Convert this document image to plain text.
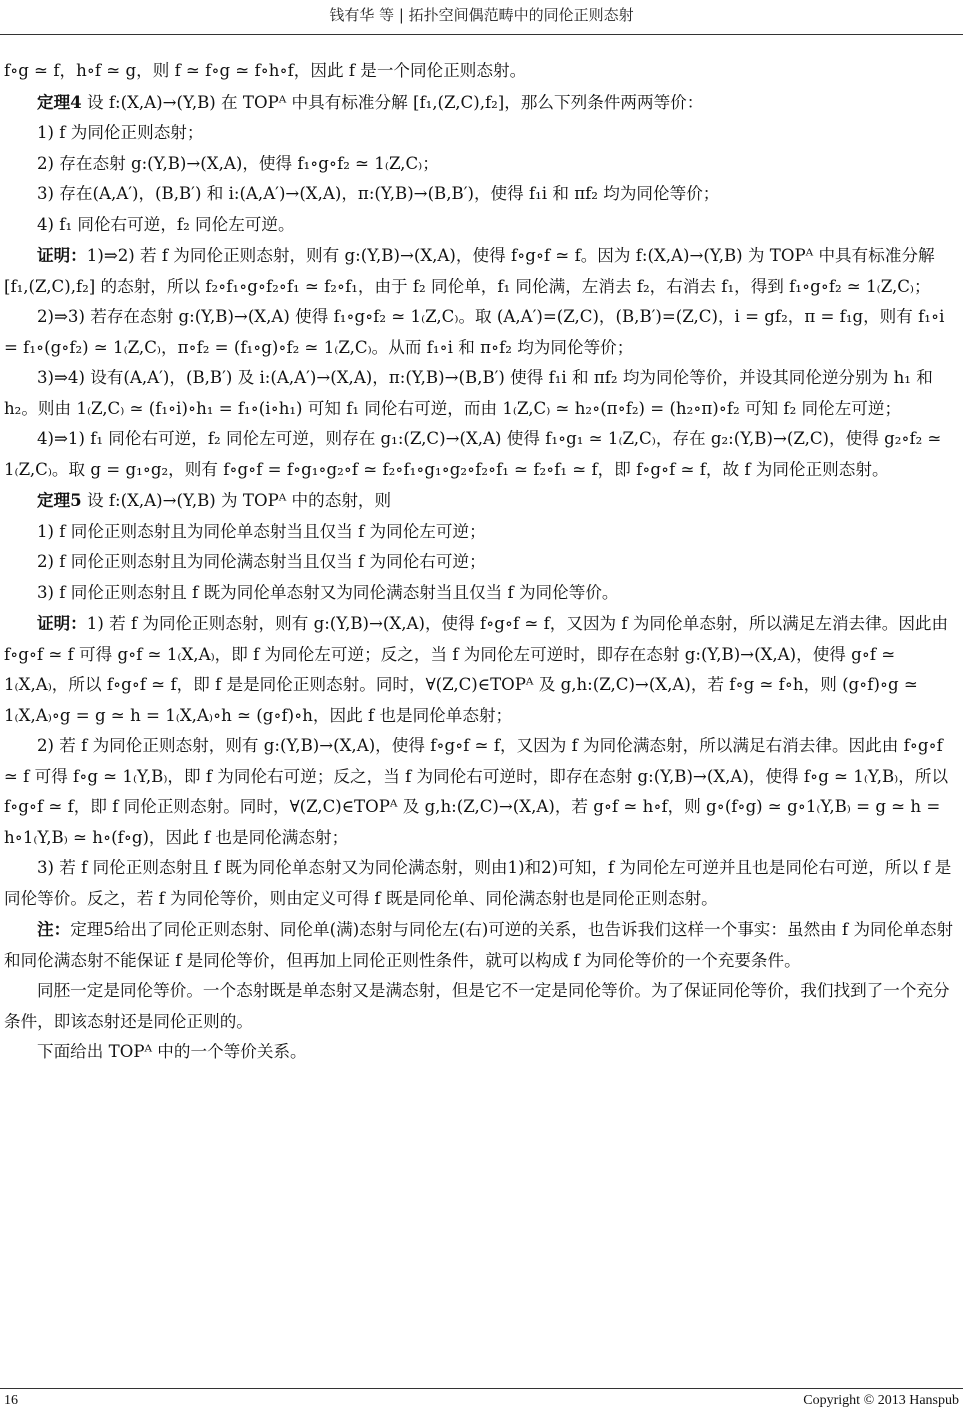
钱有华 等 | 拓扑空间偶范畴中的同伦正则态射

f∘g ≃ f，h∘f ≃ g，则 f ≃ f∘g ≃ f∘h∘f，因此 f 是一个同伦正则态射。

定理4 设 f:(X,A)→(Y,B) 在 TOPᴬ 中具有标准分解 [f₁,(Z,C),f₂]，那么下列条件两两等价：

1) f 为同伦正则态射；

2) 存在态射 g:(Y,B)→(X,A)，使得 f₁∘g∘f₂ ≃ 1₍Z,C₎；

3) 存在(A,A′)，(B,B′) 和 i:(A,A′)→(X,A)，π:(Y,B)→(B,B′)，使得 f₁i 和 πf₂ 均为同伦等价；

4) f₁ 同伦右可逆，f₂ 同伦左可逆。

证明：1)⇒2) 若 f 为同伦正则态射，则有 g:(Y,B)→(X,A)，使得 f∘g∘f ≃ f。因为 f:(X,A)→(Y,B) 为 TOPᴬ 中具有标准分解 [f₁,(Z,C),f₂] 的态射，所以 f₂∘f₁∘g∘f₂∘f₁ ≃ f₂∘f₁，由于 f₂ 同伦单，f₁ 同伦满，左消去 f₂，右消去 f₁，得到 f₁∘g∘f₂ ≃ 1₍Z,C₎；

2)⇒3) 若存在态射 g:(Y,B)→(X,A) 使得 f₁∘g∘f₂ ≃ 1₍Z,C₎。取 (A,A′)=(Z,C)，(B,B′)=(Z,C)，i = gf₂，π = f₁g，则有 f₁∘i = f₁∘(g∘f₂) ≃ 1₍Z,C₎，π∘f₂ = (f₁∘g)∘f₂ ≃ 1₍Z,C₎。从而 f₁∘i 和 π∘f₂ 均为同伦等价；

3)⇒4) 设有(A,A′)，(B,B′) 及 i:(A,A′)→(X,A)，π:(Y,B)→(B,B′) 使得 f₁i 和 πf₂ 均为同伦等价，并设其同伦逆分别为 h₁ 和 h₂。则由 1₍Z,C₎ ≃ (f₁∘i)∘h₁ = f₁∘(i∘h₁) 可知 f₁ 同伦右可逆，而由 1₍Z,C₎ ≃ h₂∘(π∘f₂) = (h₂∘π)∘f₂ 可知 f₂ 同伦左可逆；

4)⇒1) f₁ 同伦右可逆，f₂ 同伦左可逆，则存在 g₁:(Z,C)→(X,A) 使得 f₁∘g₁ ≃ 1₍Z,C₎，存在 g₂:(Y,B)→(Z,C)，使得 g₂∘f₂ ≃ 1₍Z,C₎。取 g = g₁∘g₂，则有 f∘g∘f = f∘g₁∘g₂∘f ≃ f₂∘f₁∘g₁∘g₂∘f₂∘f₁ ≃ f₂∘f₁ ≃ f，即 f∘g∘f ≃ f，故 f 为同伦正则态射。

定理5 设 f:(X,A)→(Y,B) 为 TOPᴬ 中的态射，则

1) f 同伦正则态射且为同伦单态射当且仅当 f 为同伦左可逆；

2) f 同伦正则态射且为同伦满态射当且仅当 f 为同伦右可逆；

3) f 同伦正则态射且 f 既为同伦单态射又为同伦满态射当且仅当 f 为同伦等价。

证明：1) 若 f 为同伦正则态射，则有 g:(Y,B)→(X,A)，使得 f∘g∘f ≃ f，又因为 f 为同伦单态射，所以满足左消去律。因此由 f∘g∘f ≃ f 可得 g∘f ≃ 1₍X,A₎，即 f 为同伦左可逆；反之，当 f 为同伦左可逆时，即存在态射 g:(Y,B)→(X,A)，使得 g∘f ≃ 1₍X,A₎，所以 f∘g∘f ≃ f，即 f 是是同伦正则态射。同时，∀(Z,C)∈TOPᴬ 及 g,h:(Z,C)→(X,A)，若 f∘g ≃ f∘h，则 (g∘f)∘g ≃ 1₍X,A₎∘g = g ≃ h = 1₍X,A₎∘h ≃ (g∘f)∘h，因此 f 也是同伦单态射；

2) 若 f 为同伦正则态射，则有 g:(Y,B)→(X,A)，使得 f∘g∘f ≃ f，又因为 f 为同伦满态射，所以满足右消去律。因此由 f∘g∘f ≃ f 可得 f∘g ≃ 1₍Y,B₎，即 f 为同伦右可逆；反之，当 f 为同伦右可逆时，即存在态射 g:(Y,B)→(X,A)，使得 f∘g ≃ 1₍Y,B₎，所以 f∘g∘f ≃ f，即 f 同伦正则态射。同时，∀(Z,C)∈TOPᴬ 及 g,h:(Z,C)→(X,A)，若 g∘f ≃ h∘f，则 g∘(f∘g) ≃ g∘1₍Y,B₎ = g ≃ h = h∘1₍Y,B₎ ≃ h∘(f∘g)，因此 f 也是同伦满态射；

3) 若 f 同伦正则态射且 f 既为同伦单态射又为同伦满态射，则由1)和2)可知，f 为同伦左可逆并且也是同伦右可逆，所以 f 是同伦等价。反之，若 f 为同伦等价，则由定义可得 f 既是同伦单、同伦满态射也是同伦正则态射。

注：定理5给出了同伦正则态射、同伦单(满)态射与同伦左(右)可逆的关系，也告诉我们这样一个事实：虽然由 f 为同伦单态射和同伦满态射不能保证 f 是同伦等价，但再加上同伦正则性条件，就可以构成 f 为同伦等价的一个充要条件。

同胚一定是同伦等价。一个态射既是单态射又是满态射，但是它不一定是同伦等价。为了保证同伦等价，我们找到了一个充分条件，即该态射还是同伦正则的。

下面给出 TOPᴬ 中的一个等价关系。

16	Copyright © 2013 Hanspub
